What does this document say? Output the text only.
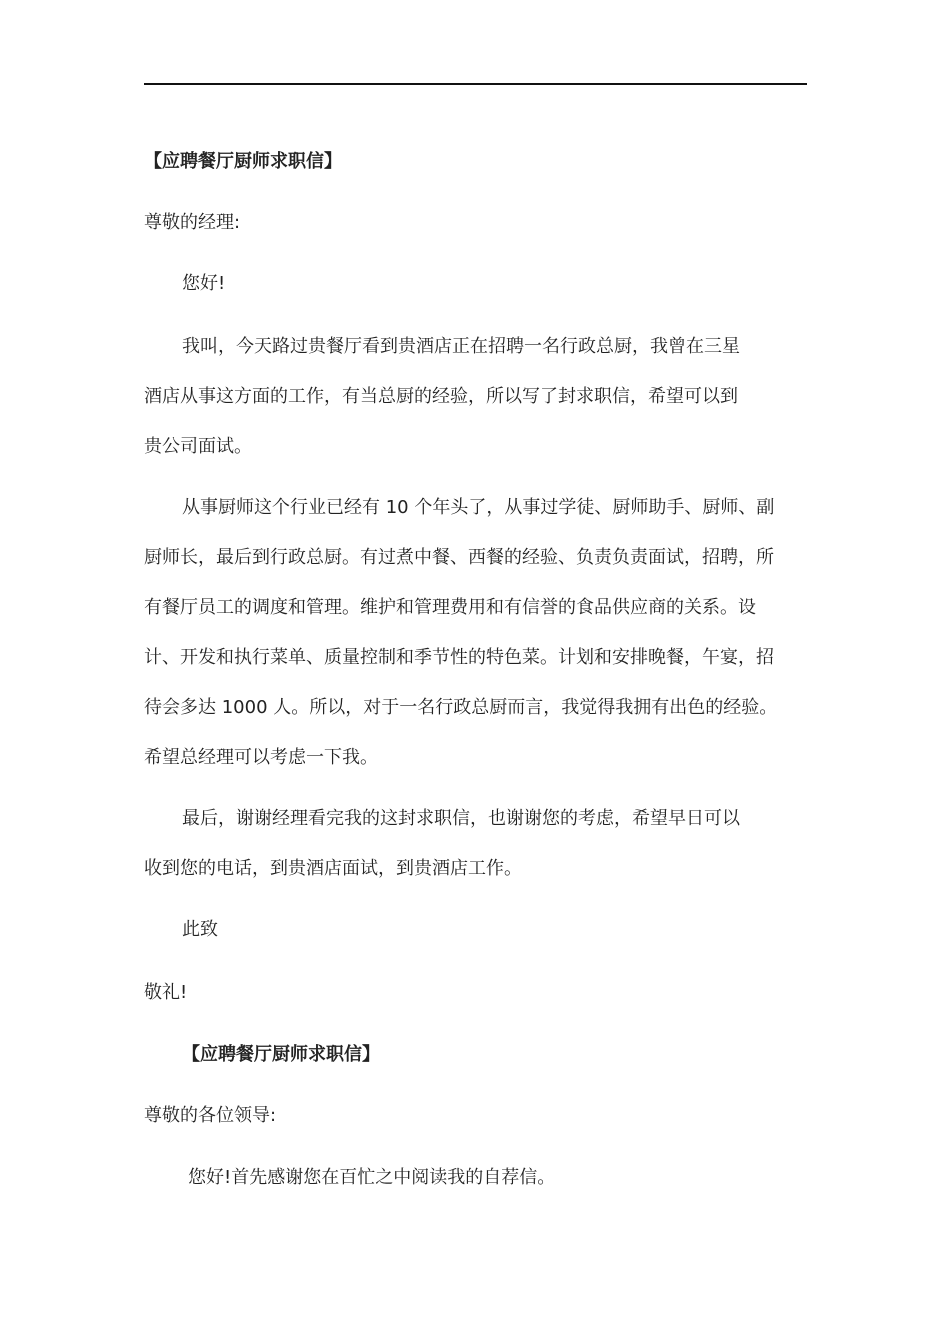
【应聘餐厅厨师求职信】
尊敬的经理:
您好!
我叫，今天路过贵餐厅看到贵酒店正在招聘一名行政总厨，我曾在三星
酒店从事这方面的工作，有当总厨的经验，所以写了封求职信，希望可以到
贵公司面试。
从事厨师这个行业已经有 10 个年头了，从事过学徒、厨师助手、厨师、副
厨师长，最后到行政总厨。有过煮中餐、西餐的经验、负责负责面试，招聘，所
有餐厅员工的调度和管理。维护和管理费用和有信誉的食品供应商的关系。设
计、开发和执行菜单、质量控制和季节性的特色菜。计划和安排晚餐，午宴，招
待会多达 1000 人。所以，对于一名行政总厨而言，我觉得我拥有出色的经验。
希望总经理可以考虑一下我。
最后，谢谢经理看完我的这封求职信，也谢谢您的考虑，希望早日可以
收到您的电话，到贵酒店面试，到贵酒店工作。
此致
敬礼!
【应聘餐厅厨师求职信】
尊敬的各位领导:
您好!首先感谢您在百忙之中阅读我的自荐信。
